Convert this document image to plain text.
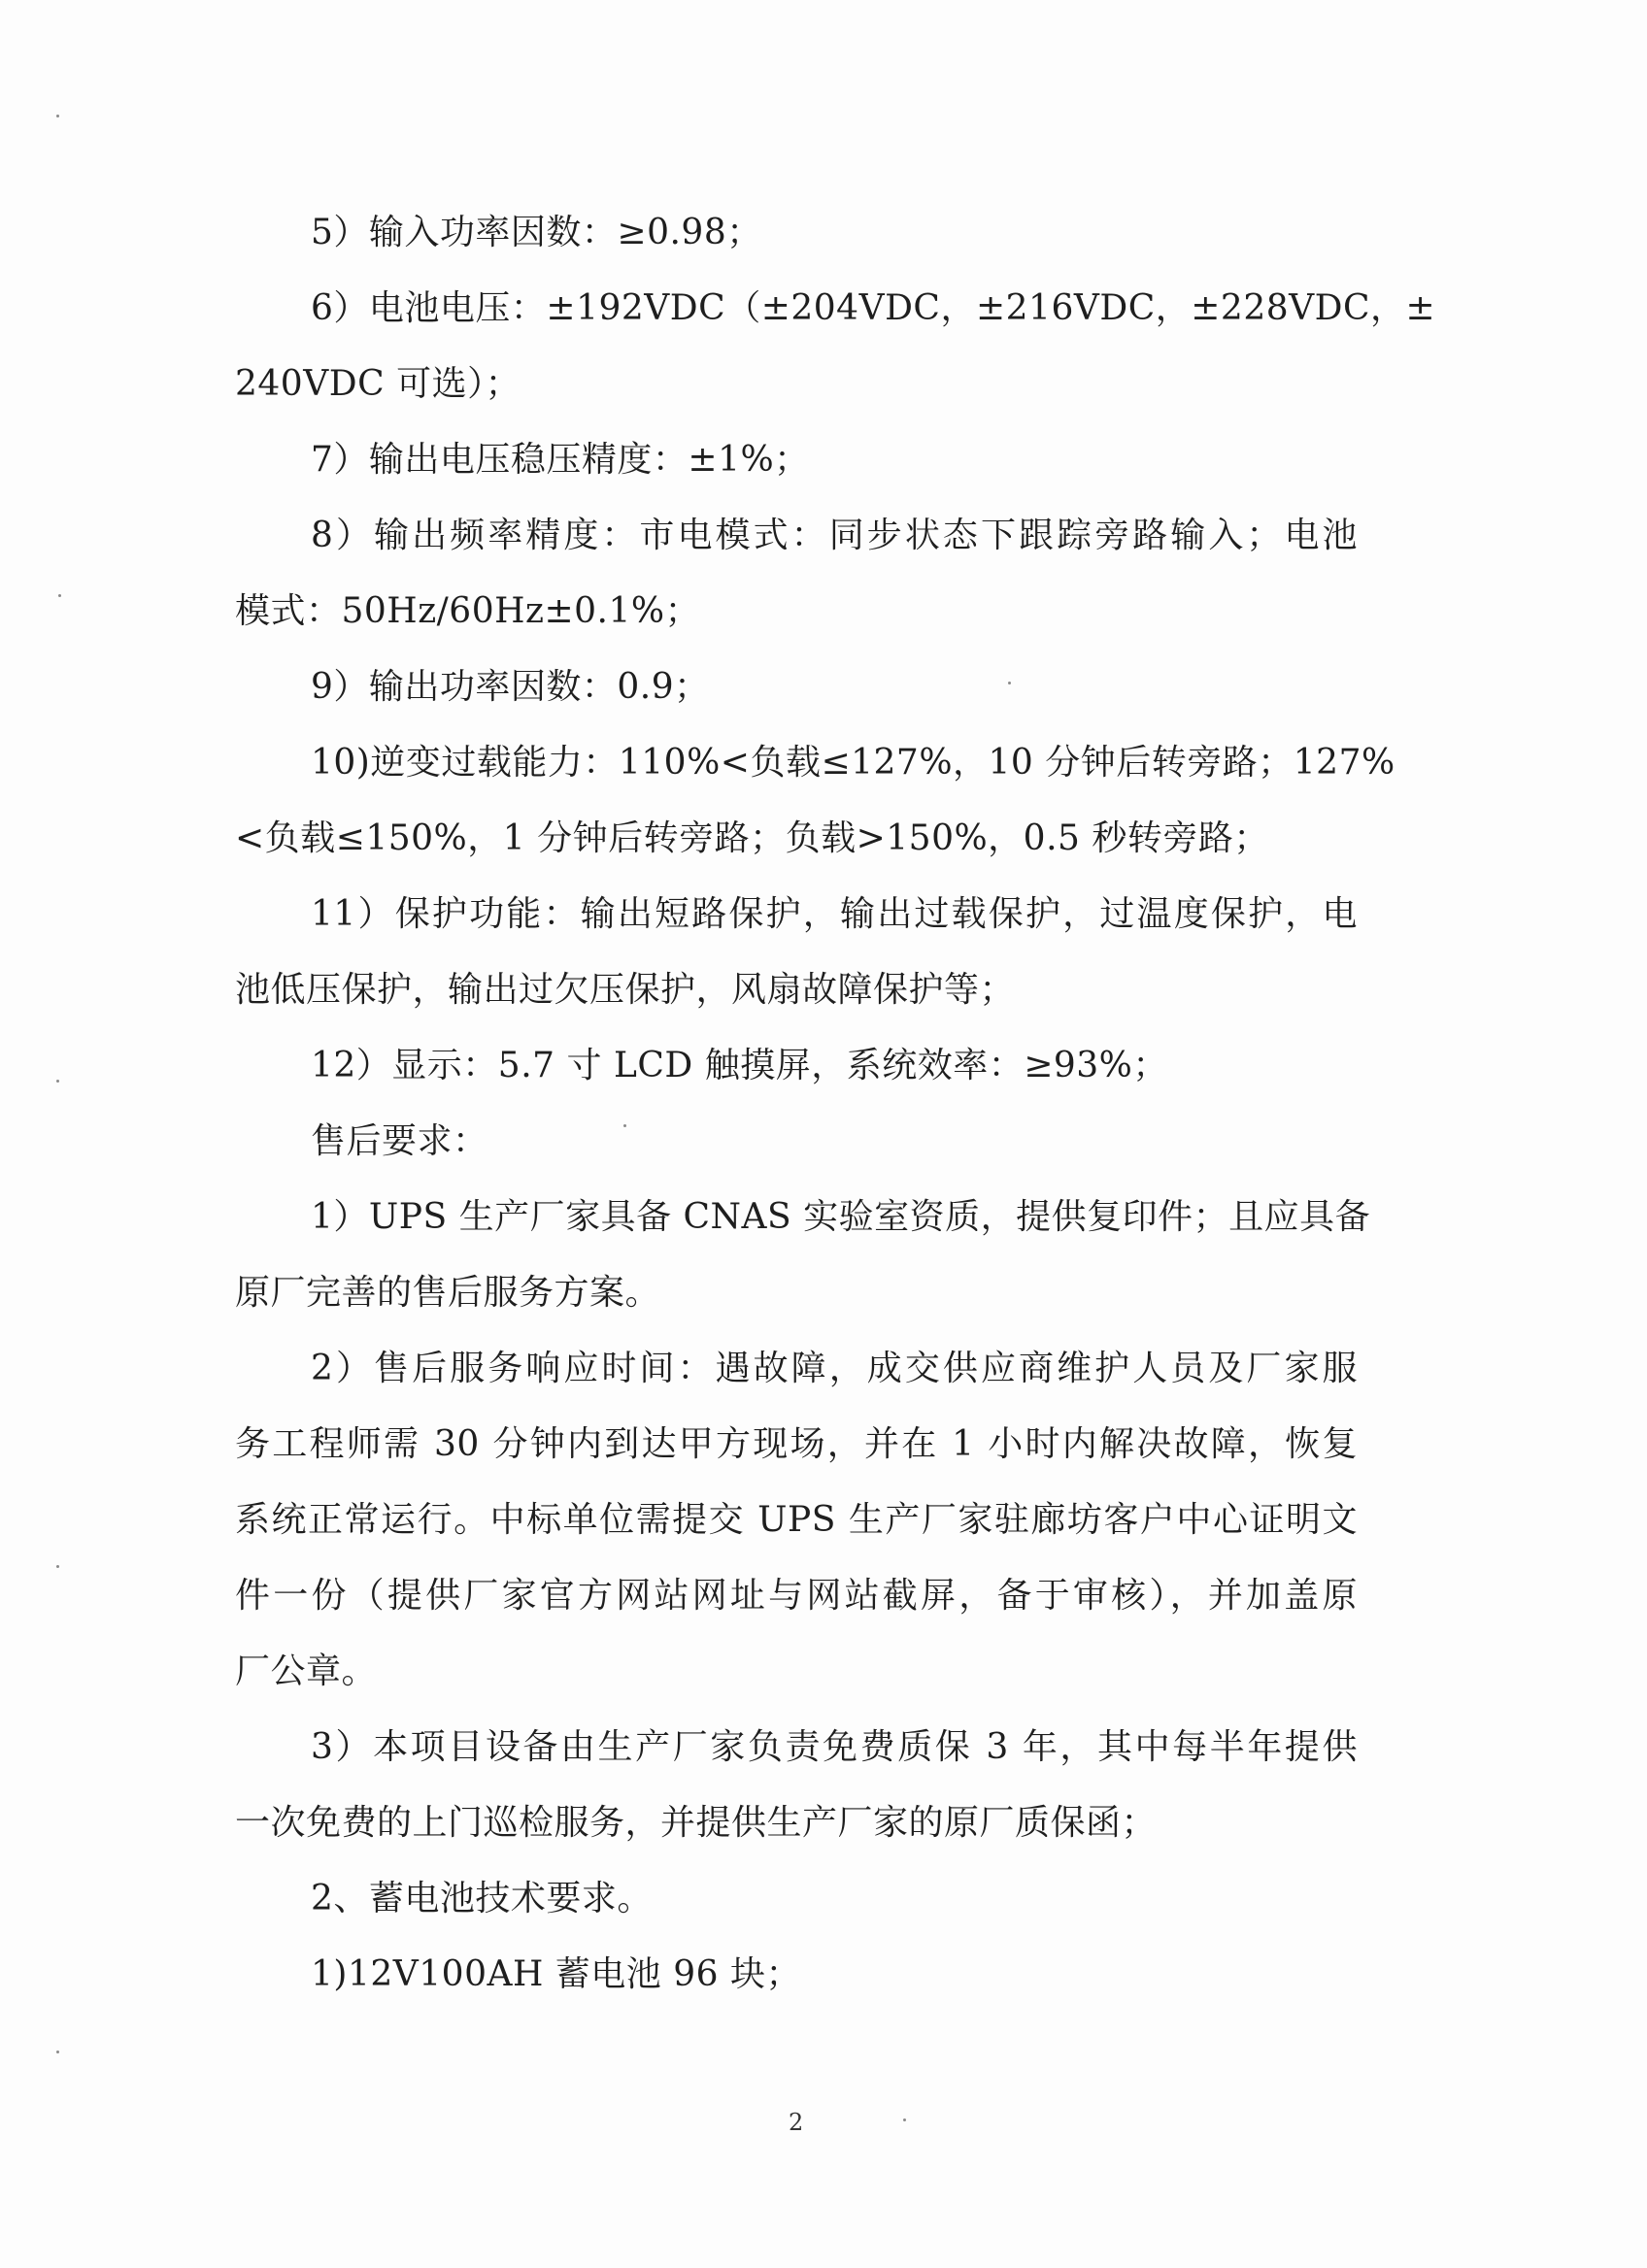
5）输入功率因数：≥0.98；
6）电池电压：±192VDC（±204VDC，±216VDC，±228VDC，±
240VDC 可选）；
7）输出电压稳压精度：±1%；
8）输出频率精度：市电模式：同步状态下跟踪旁路输入；电池
模式：50Hz/60Hz±0.1%；
9）输出功率因数：0.9；
10)逆变过载能力：110%<负载≤127%，10 分钟后转旁路；127%
<负载≤150%，1 分钟后转旁路；负载>150%，0.5 秒转旁路；
11）保护功能：输出短路保护，输出过载保护，过温度保护，电
池低压保护，输出过欠压保护，风扇故障保护等；
12）显示：5.7 寸 LCD 触摸屏，系统效率：≥93%；
售后要求：
1）UPS 生产厂家具备 CNAS 实验室资质，提供复印件；且应具备
原厂完善的售后服务方案。
2）售后服务响应时间：遇故障，成交供应商维护人员及厂家服
务工程师需 30 分钟内到达甲方现场，并在 1 小时内解决故障，恢复
系统正常运行。中标单位需提交 UPS 生产厂家驻廊坊客户中心证明文
件一份（提供厂家官方网站网址与网站截屏，备于审核），并加盖原
厂公章。
3）本项目设备由生产厂家负责免费质保 3 年，其中每半年提供
一次免费的上门巡检服务，并提供生产厂家的原厂质保函；
2、蓄电池技术要求。
1)12V100AH 蓄电池 96 块；
2
